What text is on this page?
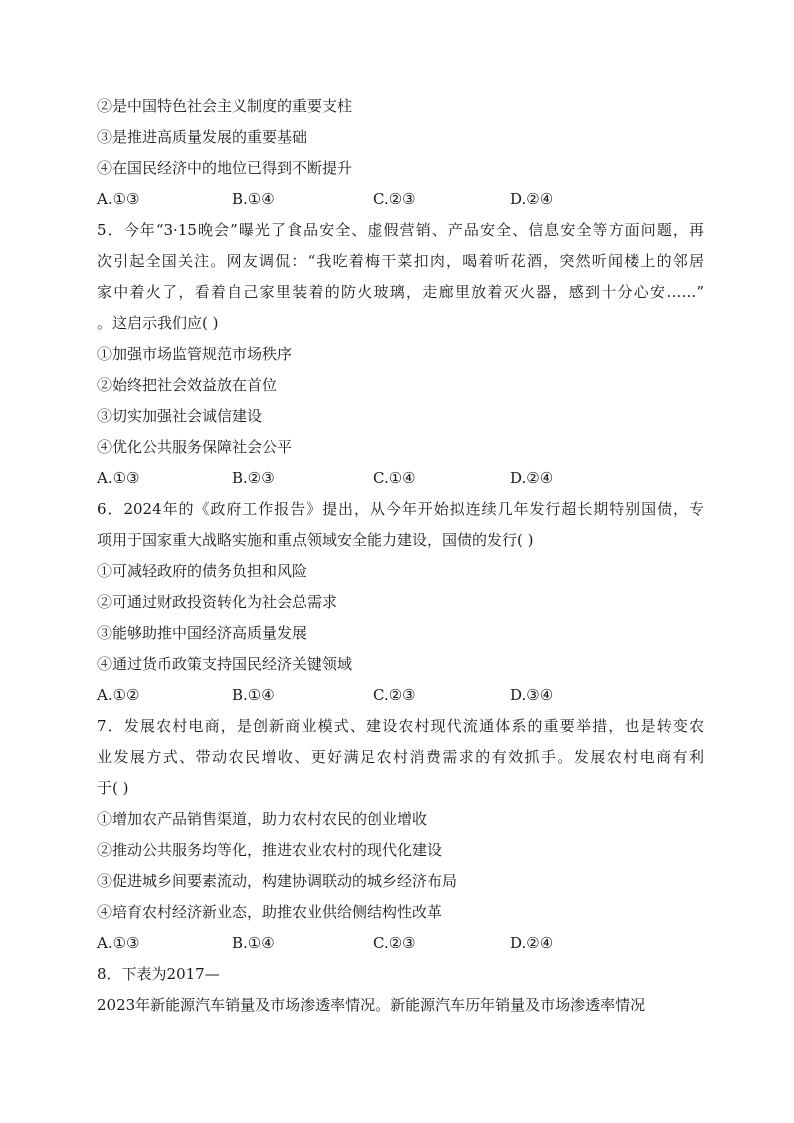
②是中国特色社会主义制度的重要支柱
③是推进高质量发展的重要基础
④在国民经济中的地位已得到不断提升
A.①③	B.①④	C.②③	D.②④
5．今年“3·15晚会”曝光了食品安全、虚假营销、产品安全、信息安全等方面问题，再
次引起全国关注。网友调侃：“我吃着梅干菜扣肉，喝着听花酒，突然听闻楼上的邻居
家中着火了，看着自己家里装着的防火玻璃，走廊里放着灭火器，感到十分心安……”
。这启示我们应( )
①加强市场监管规范市场秩序
②始终把社会效益放在首位
③切实加强社会诚信建设
④优化公共服务保障社会公平
A.①③	B.②③	C.①④	D.②④
6．2024年的《政府工作报告》提出，从今年开始拟连续几年发行超长期特别国债，专
项用于国家重大战略实施和重点领域安全能力建设，国债的发行( )
①可减轻政府的债务负担和风险
②可通过财政投资转化为社会总需求
③能够助推中国经济高质量发展
④通过货币政策支持国民经济关键领域
A.①②	B.①④	C.②③	D.③④
7．发展农村电商，是创新商业模式、建设农村现代流通体系的重要举措，也是转变农
业发展方式、带动农民增收、更好满足农村消费需求的有效抓手。发展农村电商有利
于( )
①增加农产品销售渠道，助力农村农民的创业增收
②推动公共服务均等化，推进农业农村的现代化建设
③促进城乡间要素流动，构建协调联动的城乡经济布局
④培育农村经济新业态，助推农业供给侧结构性改革
A.①③	B.①④	C.②③	D.②④
8．下表为2017—
2023年新能源汽车销量及市场渗透率情况。新能源汽车历年销量及市场渗透率情况
